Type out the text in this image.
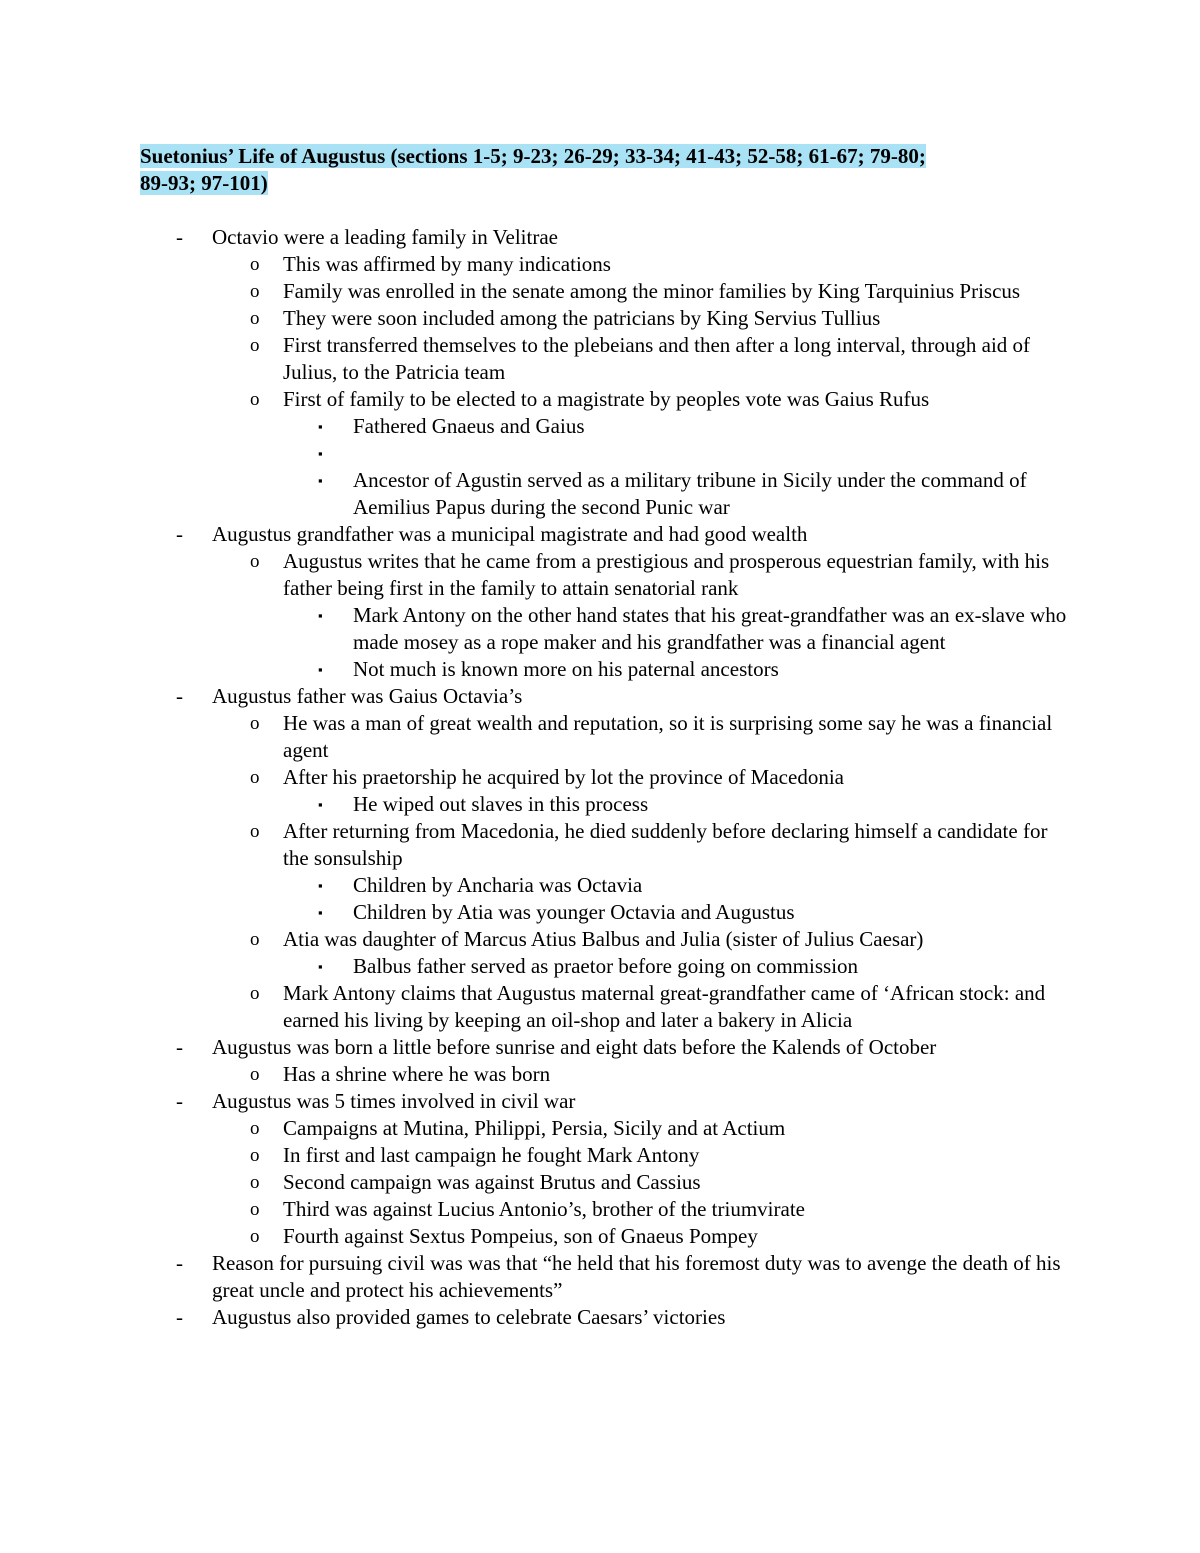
Suetonius’ Life of Augustus (sections 1-5; 9-23; 26-29; 33-34; 41-43; 52-58; 61-67; 79-80;
89-93; 97-101)
- Octavio were a leading family in Velitrae
o This was affirmed by many indications
o Family was enrolled in the senate among the minor families by King Tarquinius Priscus
o They were soon included among the patricians by King Servius Tullius
o First transferred themselves to the plebeians and then after a long interval, through aid of Julius, to the Patricia team
o First of family to be elected to a magistrate by peoples vote was Gaius Rufus
▪ Fathered Gnaeus and Gaius
▪
▪ Ancestor of Agustin served as a military tribune in Sicily under the command of Aemilius Papus during the second Punic war
- Augustus grandfather was a municipal magistrate and had good wealth
o Augustus writes that he came from a prestigious and prosperous equestrian family, with his father being first in the family to attain senatorial rank
▪ Mark Antony on the other hand states that his great-grandfather was an ex-slave who made mosey as a rope maker and his grandfather was a financial agent
▪ Not much is known more on his paternal ancestors
- Augustus father was Gaius Octavia’s
o He was a man of great wealth and reputation, so it is surprising some say he was a financial agent
o After his praetorship he acquired by lot the province of Macedonia
▪ He wiped out slaves in this process
o After returning from Macedonia, he died suddenly before declaring himself a candidate for the sonsulship
▪ Children by Ancharia was Octavia
▪ Children by Atia was younger Octavia and Augustus
o Atia was daughter of Marcus Atius Balbus and Julia (sister of Julius Caesar)
▪ Balbus father served as praetor before going on commission
o Mark Antony claims that Augustus maternal great-grandfather came of ‘African stock: and earned his living by keeping an oil-shop and later a bakery in Alicia
- Augustus was born a little before sunrise and eight dats before the Kalends of October
o Has a shrine where he was born
- Augustus was 5 times involved in civil war
o Campaigns at Mutina, Philippi, Persia, Sicily and at Actium
o In first and last campaign he fought Mark Antony
o Second campaign was against Brutus and Cassius
o Third was against Lucius Antonio’s, brother of the triumvirate
o Fourth against Sextus Pompeius, son of Gnaeus Pompey
- Reason for pursuing civil was was that “he held that his foremost duty was to avenge the death of his great uncle and protect his achievements”
- Augustus also provided games to celebrate Caesars’ victories
